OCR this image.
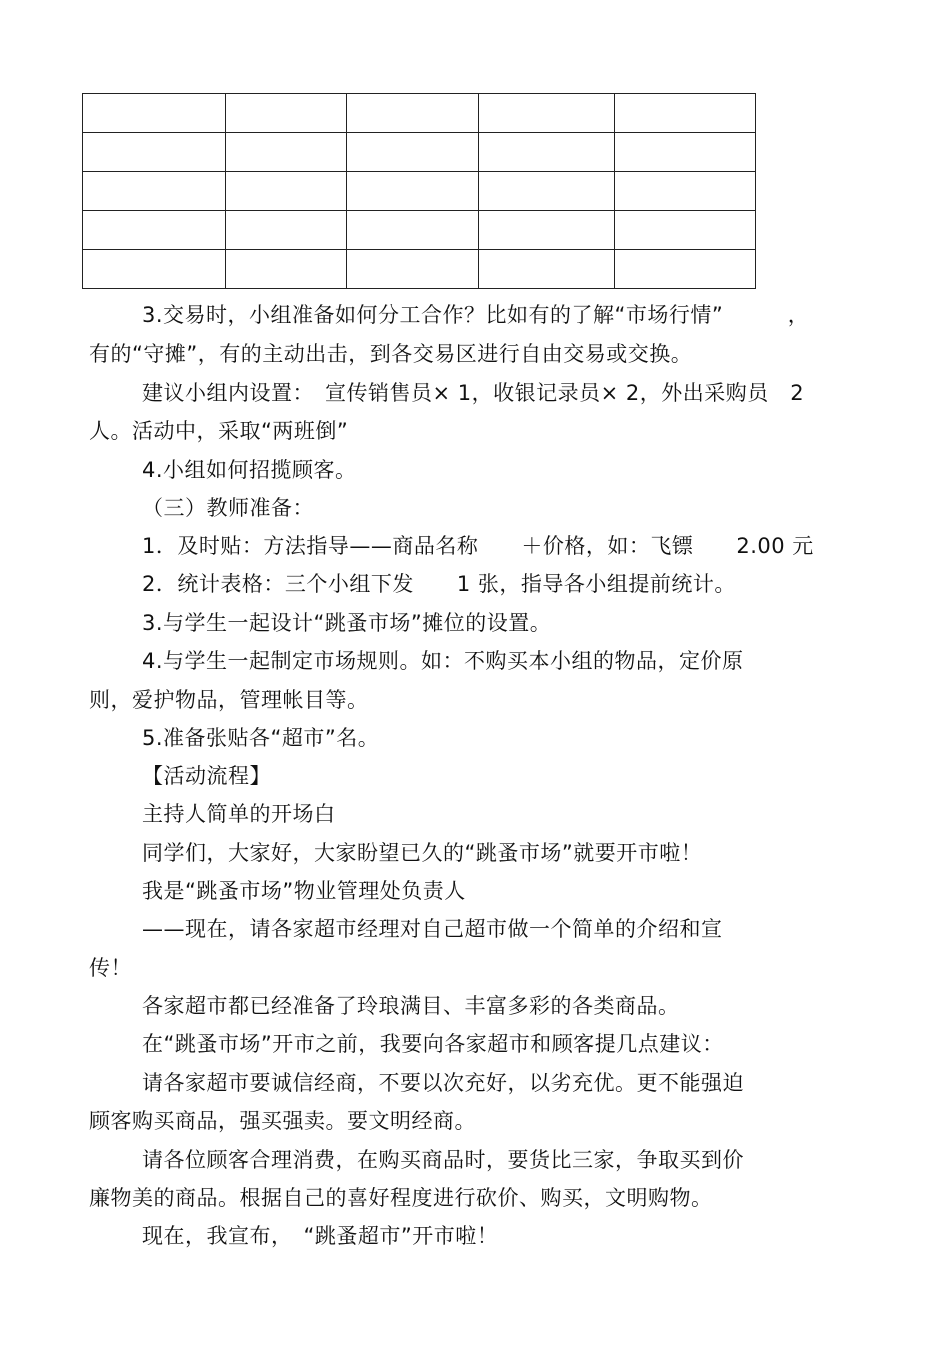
3.交易时，小组准备如何分工合作？比如有的了解“市场行情”　　　，
有的“守摊”，有的主动出击，到各交易区进行自由交易或交换。
建议小组内设置：　宣传销售员× 1，收银记录员× 2，外出采购员　2
人。活动中，采取“两班倒”
4.小组如何招揽顾客。
（三）教师准备：
1．及时贴：方法指导——商品名称　　＋价格，如：飞镖　　2.00 元
2．统计表格：三个小组下发　　1 张，指导各小组提前统计。
3.与学生一起设计“跳蚤市场”摊位的设置。
4.与学生一起制定市场规则。如：不购买本小组的物品，定价原
则，爱护物品，管理帐目等。
5.准备张贴各“超市”名。
【活动流程】
主持人简单的开场白
同学们，大家好，大家盼望已久的“跳蚤市场”就要开市啦！
我是“跳蚤市场”物业管理处负责人
——现在，请各家超市经理对自己超市做一个简单的介绍和宣
传！
各家超市都已经准备了玲琅满目、丰富多彩的各类商品。
在“跳蚤市场”开市之前，我要向各家超市和顾客提几点建议：
请各家超市要诚信经商，不要以次充好，以劣充优。更不能强迫
顾客购买商品，强买强卖。要文明经商。
请各位顾客合理消费，在购买商品时，要货比三家，争取买到价
廉物美的商品。根据自己的喜好程度进行砍价、购买，文明购物。
现在，我宣布，　“跳蚤超市”开市啦！
